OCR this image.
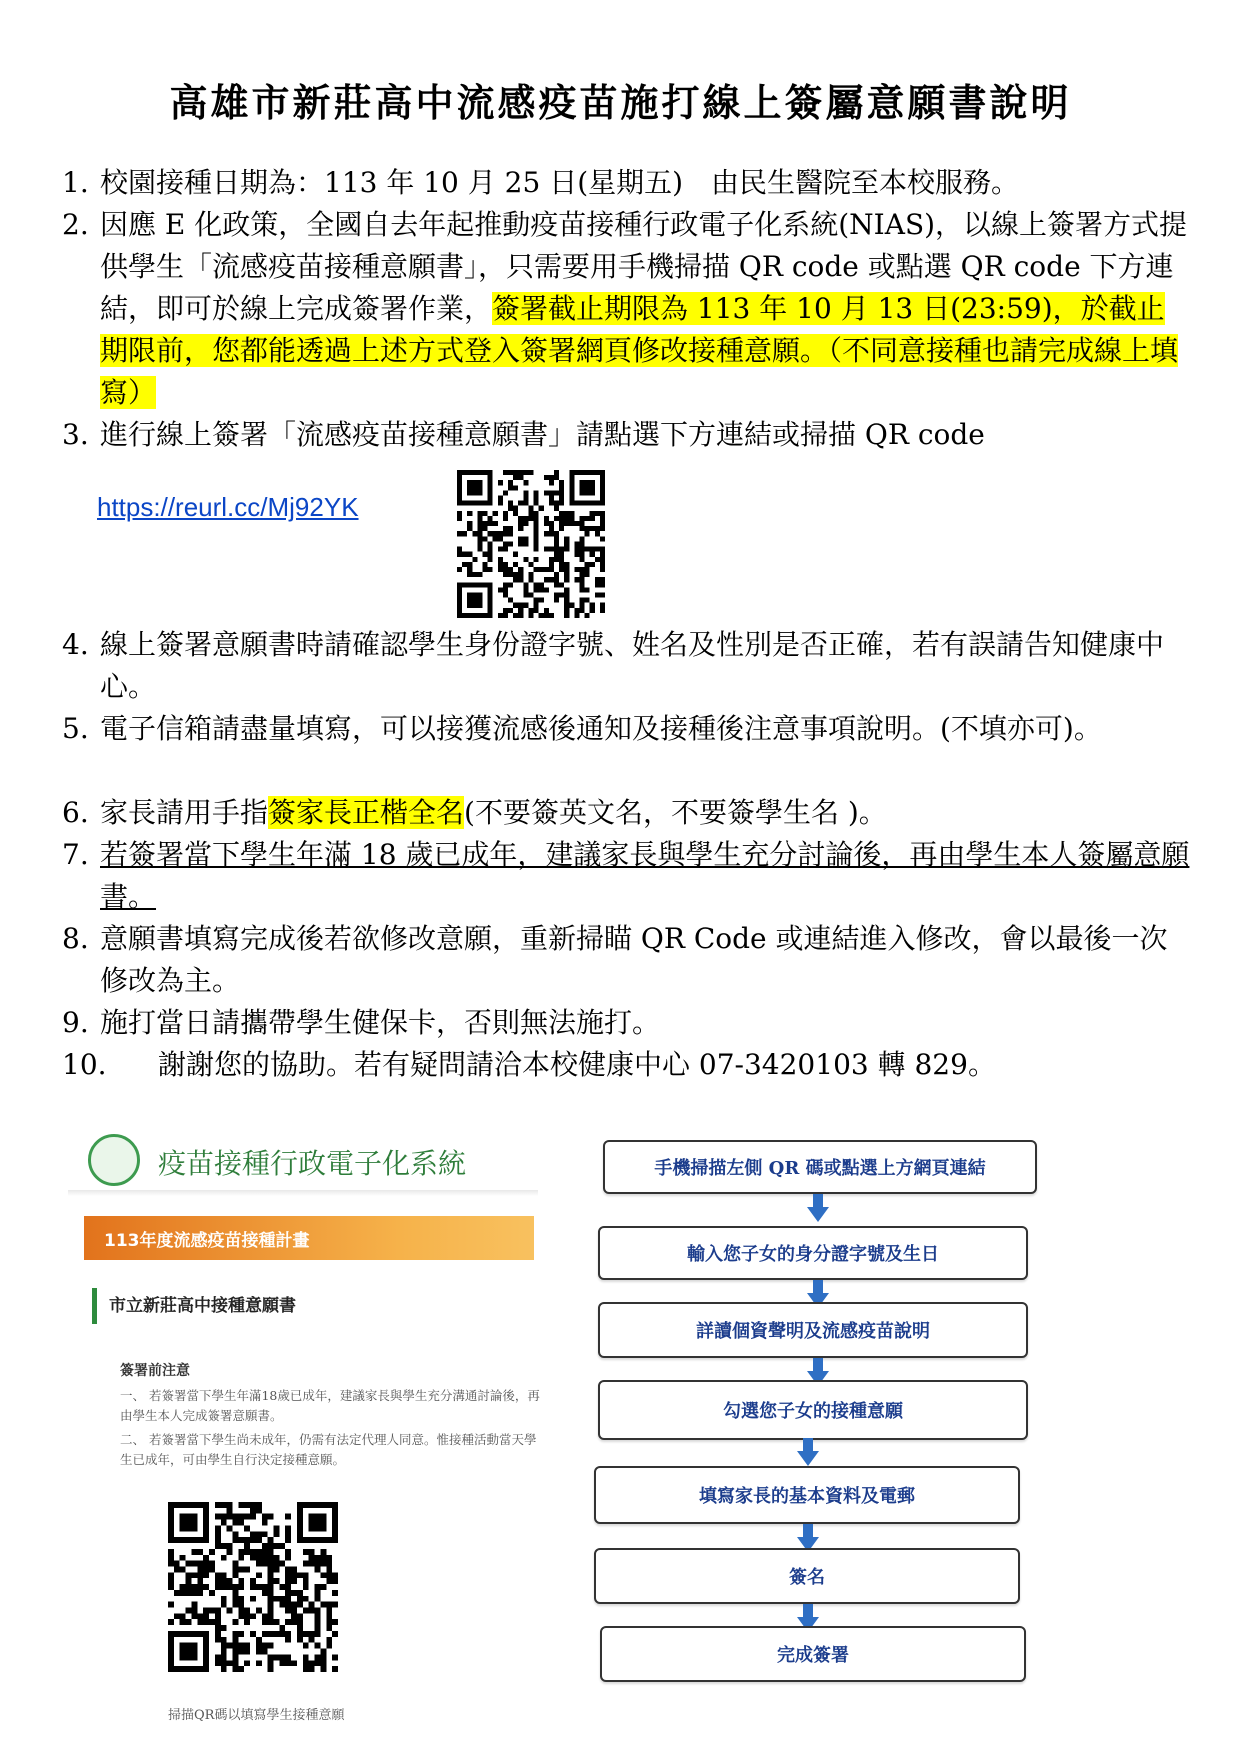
高雄市新莊高中流感疫苗施打線上簽屬意願書說明
1. 校園接種日期為：113 年 10 月 25 日(星期五)　由民生醫院至本校服務。
2. 因應 E 化政策，全國自去年起推動疫苗接種行政電子化系統(NIAS)，以線上簽署方式提供學生「流感疫苗接種意願書」，只需要用手機掃描 QR code 或點選 QR code 下方連結，即可於線上完成簽署作業，簽署截止期限為 113 年 10 月 13 日(23:59)，於截止期限前，您都能透過上述方式登入簽署網頁修改接種意願。（不同意接種也請完成線上填寫）
3. 進行線上簽署「流感疫苗接種意願書」請點選下方連結或掃描 QR code
https://reurl.cc/Mj92YK
4. 線上簽署意願書時請確認學生身份證字號、姓名及性別是否正確，若有誤請告知健康中心。
5. 電子信箱請盡量填寫，可以接獲流感後通知及接種後注意事項說明。(不填亦可)。
6. 家長請用手指簽家長正楷全名(不要簽英文名，不要簽學生名 )。
7. 若簽署當下學生年滿 18 歲已成年，建議家長與學生充分討論後，再由學生本人簽屬意願書。
8. 意願書填寫完成後若欲修改意願，重新掃瞄 QR Code 或連結進入修改，會以最後一次修改為主。
9. 施打當日請攜帶學生健保卡，否則無法施打。
10.	謝謝您的協助。若有疑問請洽本校健康中心 07-3420103 轉 829。
疫苗接種行政電子化系統
113年度流感疫苗接種計畫
市立新莊高中接種意願書
簽署前注意
一、 若簽署當下學生年滿18歲已成年，建議家長與學生充分溝通討論後，再由學生本人完成簽署意願書。
二、 若簽署當下學生尚未成年，仍需有法定代理人同意。惟接種活動當天學生已成年，可由學生自行決定接種意願。
掃描QR碼以填寫學生接種意願
手機掃描左側 QR 碼或點選上方網頁連結
輸入您子女的身分證字號及生日
詳讀個資聲明及流感疫苗說明
勾選您子女的接種意願
填寫家長的基本資料及電郵
簽名
完成簽署
